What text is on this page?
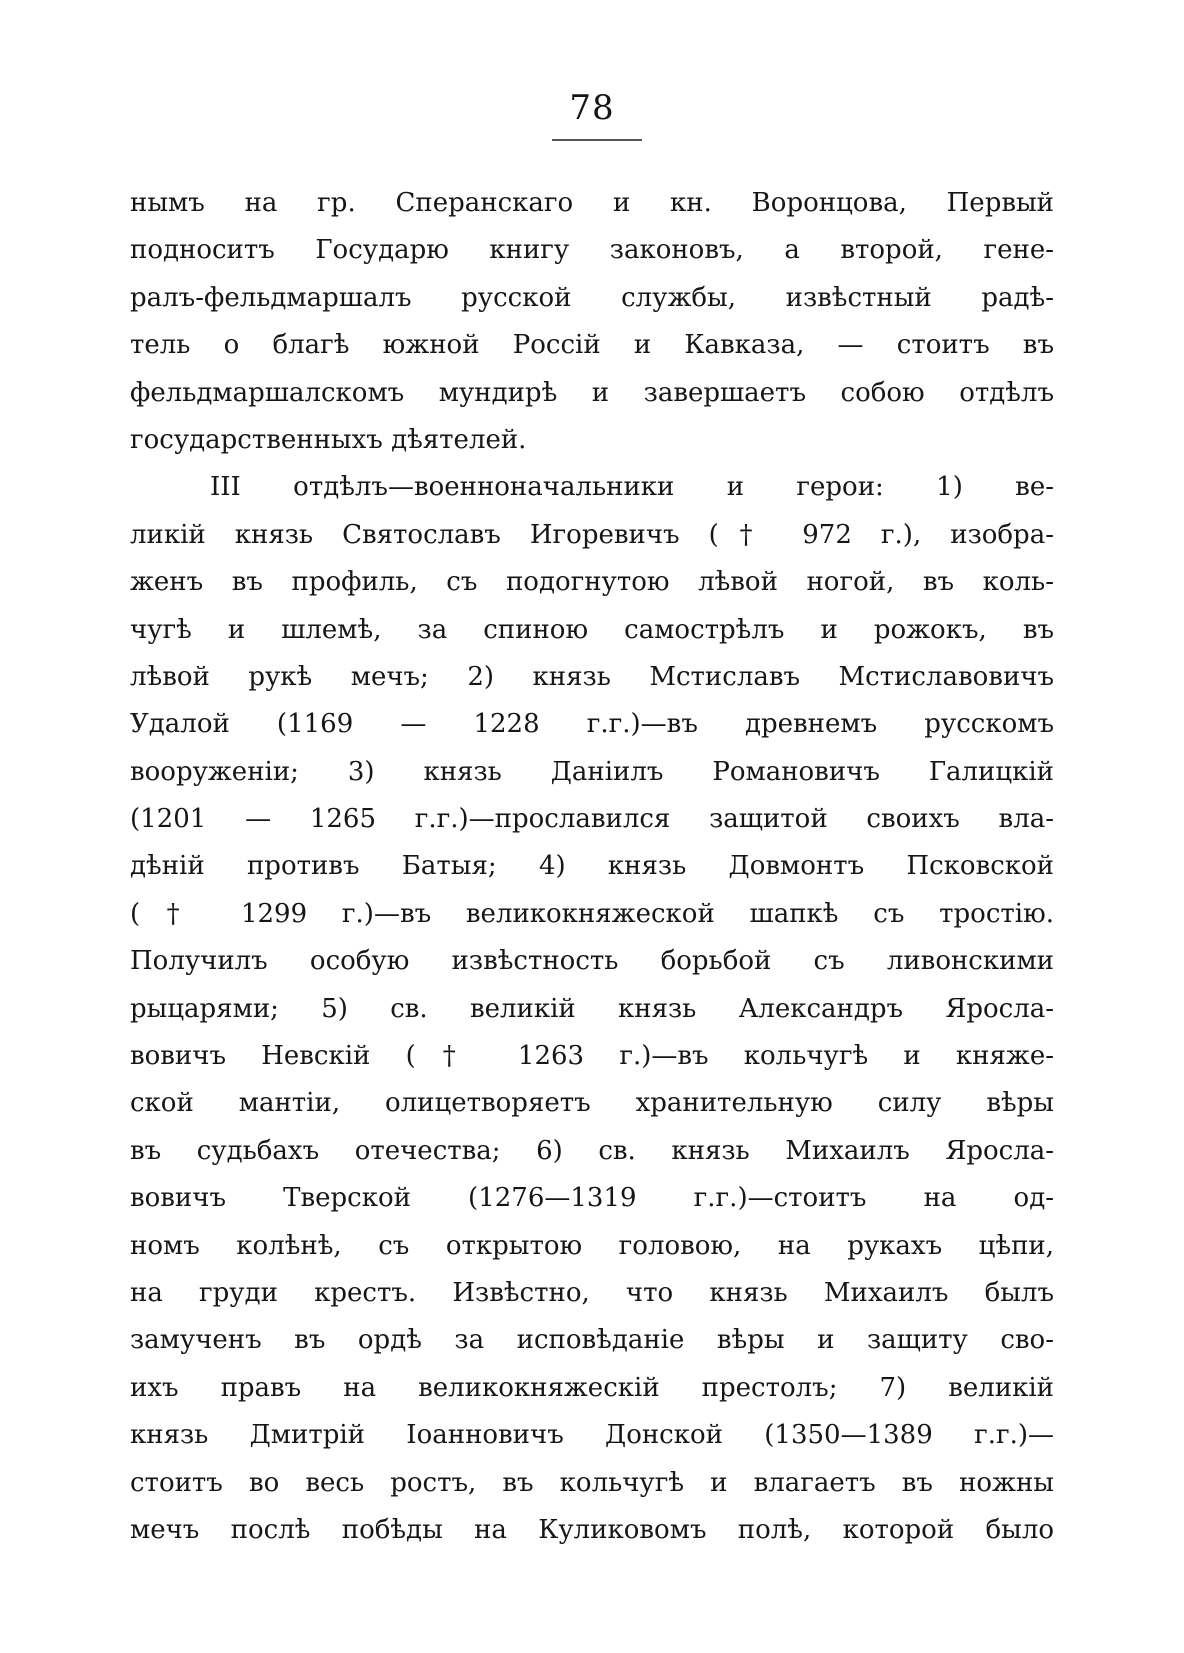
78
нымъ на гр. Сперанскаго и кн. Воронцова, Первый
подноситъ Государю книгу законовъ, а второй, гене-
ралъ-фельдмаршалъ русской службы, извѣстный радѣ-
тель о благѣ южной Россій и Кавказа, — стоитъ въ
фельдмаршалскомъ мундирѣ и завершаетъ собою отдѣлъ
государственныхъ дѣятелей.
III отдѣлъ—военноначальники и герои: 1) ве-
ликій князь Святославъ Игоревичъ († 972 г.), изобра-
женъ въ профиль, съ подогнутою лѣвой ногой, въ коль-
чугѣ и шлемѣ, за спиною самострѣлъ и рожокъ, въ
лѣвой рукѣ мечъ; 2) князь Мстиславъ Мстиславовичъ
Удалой (1169 — 1228 г.г.)—въ древнемъ русскомъ
вооруженіи; 3) князь Даніилъ Романовичъ Галицкій
(1201 — 1265 г.г.)—прославился защитой своихъ вла-
дѣній противъ Батыя; 4) князь Довмонтъ Псковской
(† 1299 г.)—въ великокняжеской шапкѣ съ тростію.
Получилъ особую извѣстность борьбой съ ливонскими
рыцарями; 5) св. великій князь Александръ Яросла-
вовичъ Невскій († 1263 г.)—въ кольчугѣ и княже-
ской мантіи, олицетворяетъ хранительную силу вѣры
въ судьбахъ отечества; 6) св. князь Михаилъ Яросла-
вовичъ Тверской (1276—1319 г.г.)—стоитъ на од-
номъ колѣнѣ, съ открытою головою, на рукахъ цѣпи,
на груди крестъ. Извѣстно, что князь Михаилъ былъ
замученъ въ ордѣ за исповѣданіе вѣры и защиту сво-
ихъ правъ на великокняжескій престолъ; 7) великій
князь Дмитрій Іоанновичъ Донской (1350—1389 г.г.)—
стоитъ во весь ростъ, въ кольчугѣ и влагаетъ въ ножны
мечъ послѣ побѣды на Куликовомъ полѣ, которой было
